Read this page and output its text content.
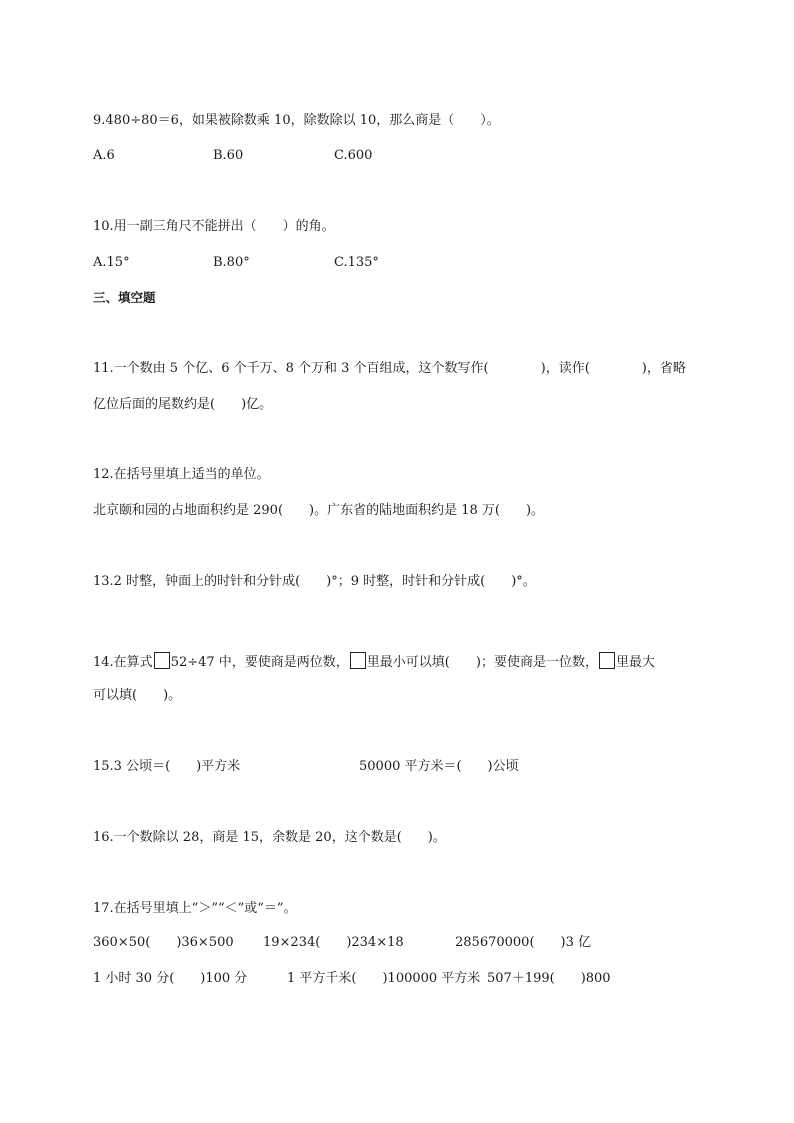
9.480÷80＝6，如果被除数乘 10，除数除以 10，那么商是（　　）。
A.6	B.60	C.600
10.用一副三角尺不能拼出（　　）的角。
A.15°	B.80°	C.135°
三、填空题
11.一个数由 5 个亿、6 个千万、8 个万和 3 个百组成，这个数写作(　　　　)，读作(　　　　)，省略
亿位后面的尾数约是(　　)亿。
12.在括号里填上适当的单位。
北京颐和园的占地面积约是 290(　　)。广东省的陆地面积约是 18 万(　　)。
13.2 时整，钟面上的时针和分针成(　　)°；9 时整，时针和分针成(　　)°。
14.在算式 52÷47 中，要使商是两位数， 里最小可以填(　　)；要使商是一位数， 里最大
可以填(　　)。
15.3 公顷＝(　　)平方米	50000 平方米＝(　　)公顷
16.一个数除以 28，商是 15，余数是 20，这个数是(　　)。
17.在括号里填上“＞”“＜”或“＝”。
360×50(　　)36×500 19×234(　　)234×18	285670000(　　)3 亿
1 小时 30 分(　　)100 分	1 平方千米(　　)100000 平方米 507＋199(　　)800
